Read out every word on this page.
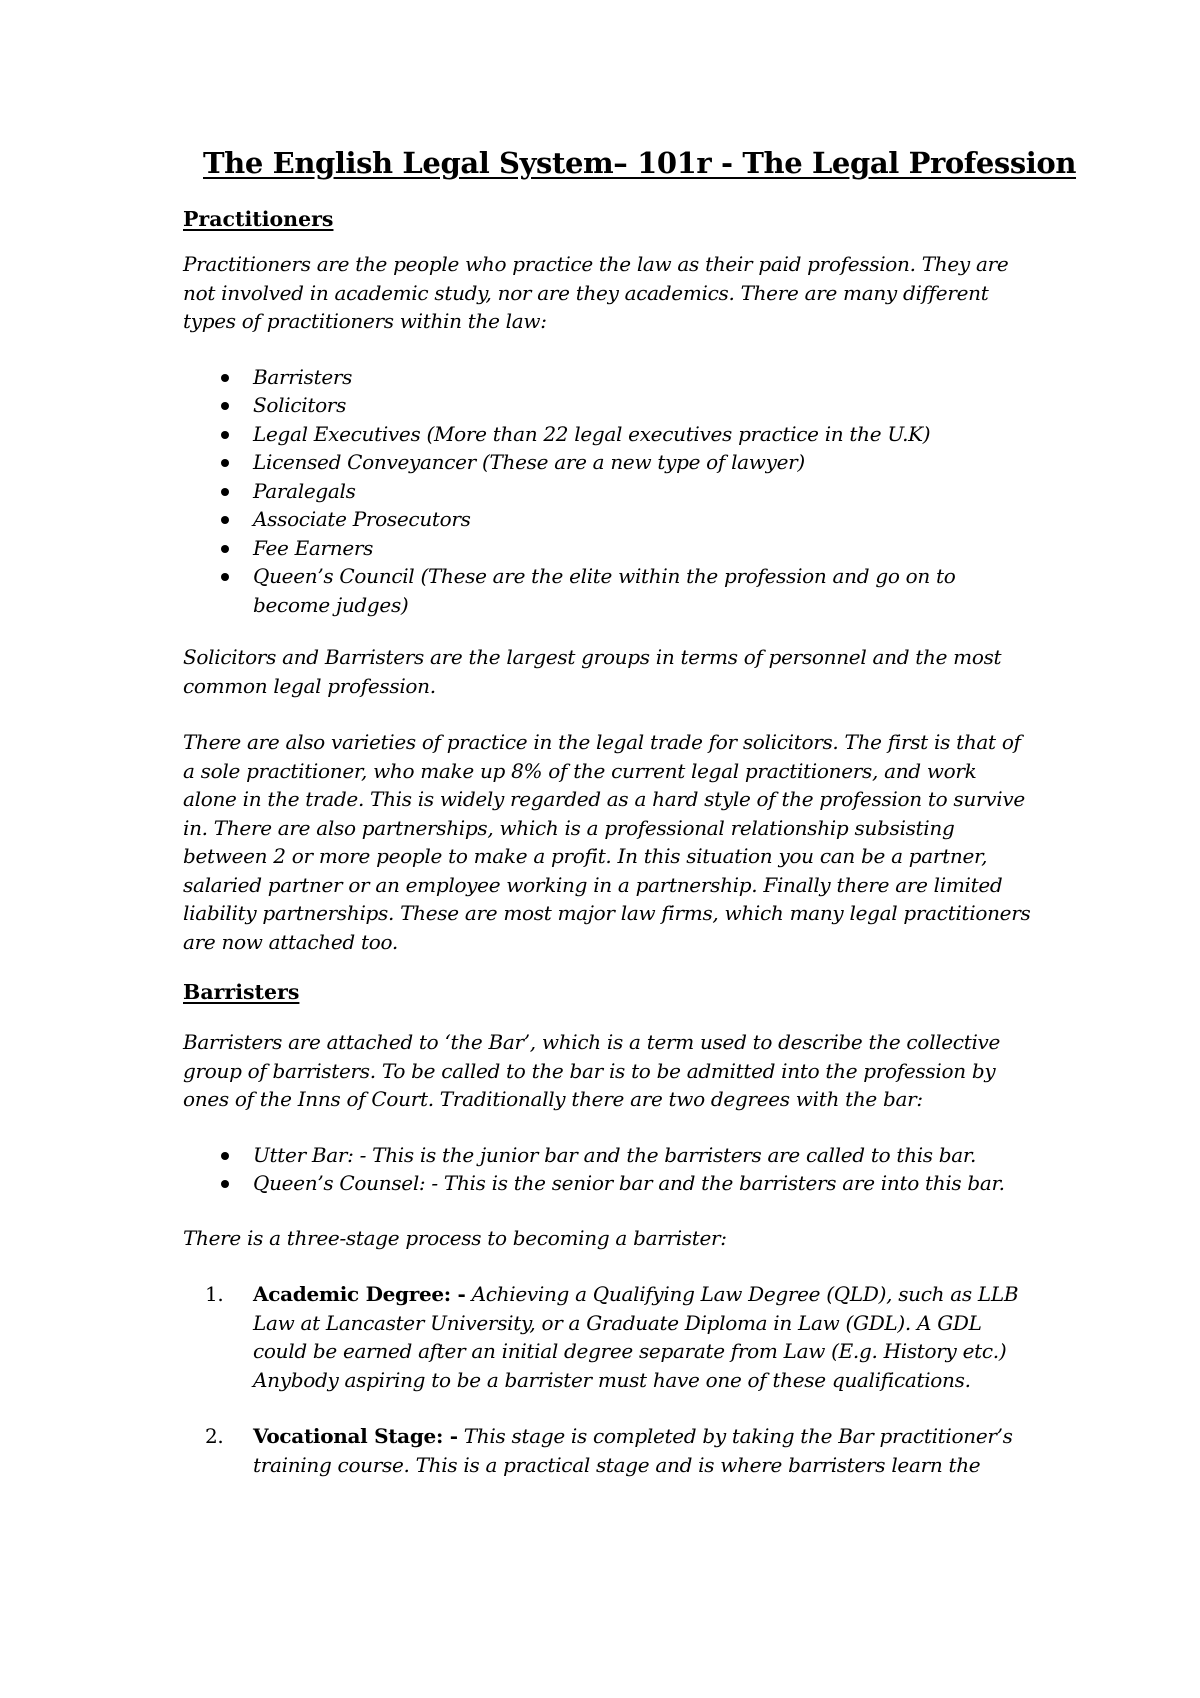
The English Legal System– 101r - The Legal Profession
Practitioners

Practitioners are the people who practice the law as their paid profession. They are not involved in academic study, nor are they academics. There are many different types of practitioners within the law:

Barristers
Solicitors
Legal Executives (More than 22 legal executives practice in the U.K)
Licensed Conveyancer (These are a new type of lawyer)
Paralegals
Associate Prosecutors
Fee Earners
Queen’s Council (These are the elite within the profession and go on to become judges)

Solicitors and Barristers are the largest groups in terms of personnel and the most common legal profession.

There are also varieties of practice in the legal trade for solicitors. The first is that of a sole practitioner, who make up 8% of the current legal practitioners, and work alone in the trade. This is widely regarded as a hard style of the profession to survive in. There are also partnerships, which is a professional relationship subsisting between 2 or more people to make a profit. In this situation you can be a partner, salaried partner or an employee working in a partnership. Finally there are limited liability partnerships. These are most major law firms, which many legal practitioners are now attached too.

Barristers

Barristers are attached to ‘the Bar’, which is a term used to describe the collective group of barristers. To be called to the bar is to be admitted into the profession by ones of the Inns of Court. Traditionally there are two degrees with the bar:

Utter Bar: - This is the junior bar and the barristers are called to this bar.
Queen’s Counsel: - This is the senior bar and the barristers are into this bar.

There is a three-stage process to becoming a barrister:

1. Academic Degree: - Achieving a Qualifying Law Degree (QLD), such as LLB Law at Lancaster University, or a Graduate Diploma in Law (GDL). A GDL could be earned after an initial degree separate from Law (E.g. History etc.) Anybody aspiring to be a barrister must have one of these qualifications.
2. Vocational Stage: - This stage is completed by taking the Bar practitioner’s training course. This is a practical stage and is where barristers learn the
